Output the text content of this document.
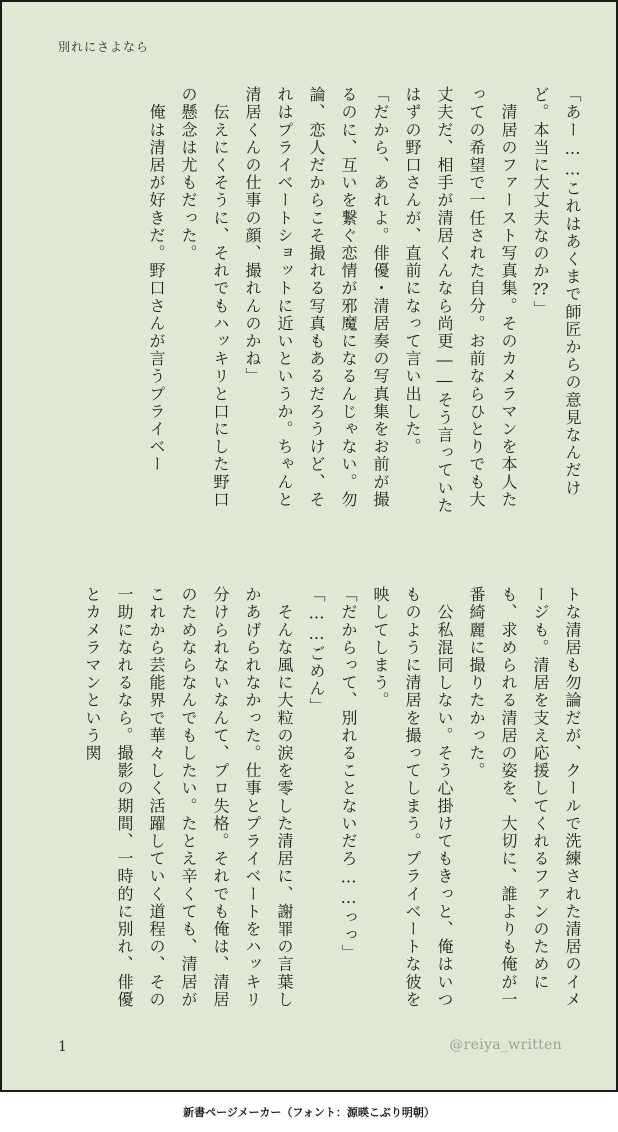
別れにさよなら

「あー……これはあくまで師匠からの意見なんだけど。本当に大丈夫なのか⁇」

　清居のファースト写真集。そのカメラマンを本人たっての希望で一任された自分。お前ならひとりでも大丈夫だ、相手が清居くんなら尚更――そう言っていたはずの野口さんが、直前になって言い出した。

「だから、あれよ。俳優・清居奏の写真集をお前が撮るのに、互いを繋ぐ恋情が邪魔になるんじゃない。勿論、恋人だからこそ撮れる写真もあるだろうけど、それはプライベートショットに近いというか。ちゃんと清居くんの仕事の顔、撮れんのかね」

　伝えにくそうに、それでもハッキリと口にした野口の懸念は尤もだった。

　俺は清居が好きだ。野口さんが言うプライベー

トな清居も勿論だが、クールで洗練された清居のイメージも。清居を支え応援してくれるファンのためにも、求められる清居の姿を、大切に、誰よりも俺が一番綺麗に撮りたかった。

　公私混同しない。そう心掛けてもきっと、俺はいつものように清居を撮ってしまう。プライベートな彼を映してしまう。

「だからって、別れることないだろ……っっ」

「……ごめん」

　そんな風に大粒の涙を零した清居に、謝罪の言葉しかあげられなかった。仕事とプライベートをハッキリ分けられないなんて、プロ失格。それでも俺は、清居のためならなんでもしたい。たとえ辛くても、清居がこれから芸能界で華々しく活躍していく道程の、その一助になれるなら。撮影の期間、一時的に別れ、俳優とカメラマンという関

1	@reiya_written
新書ページメーカー（フォント：源暎こぶり明朝）
